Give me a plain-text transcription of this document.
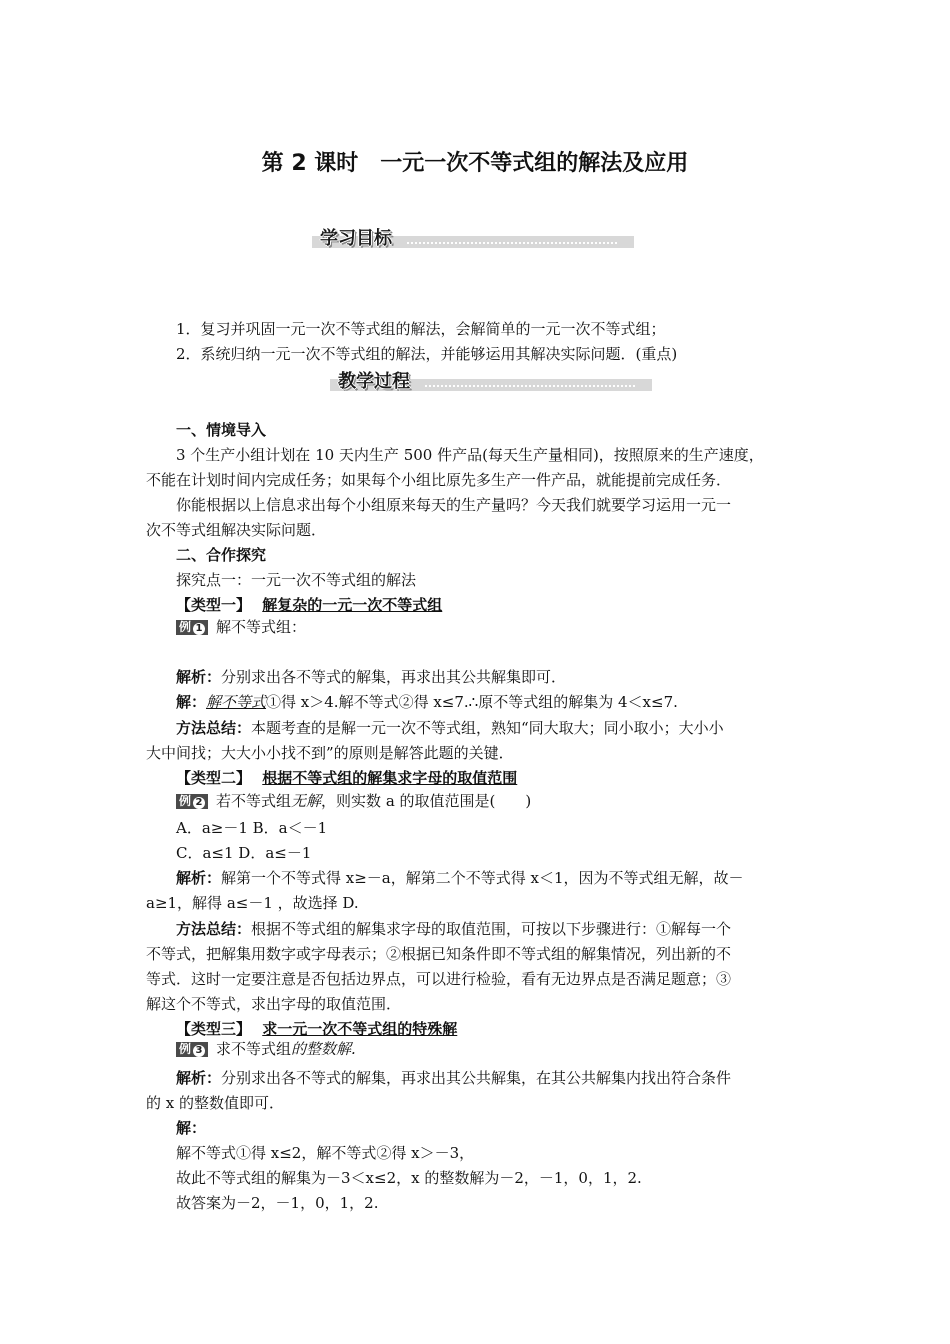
第 2 课时　一元一次不等式组的解法及应用
学习目标
1．复习并巩固一元一次不等式组的解法，会解简单的一元一次不等式组；
2．系统归纳一元一次不等式组的解法，并能够运用其解决实际问题．(重点)
教学过程
一、情境导入
3 个生产小组计划在 10 天内生产 500 件产品(每天生产量相同)，按照原来的生产速度，
不能在计划时间内完成任务；如果每个小组比原先多生产一件产品，就能提前完成任务．
你能根据以上信息求出每个小组原来每天的生产量吗？今天我们就要学习运用一元一
次不等式组解决实际问题．
二、合作探究
探究点一：一元一次不等式组的解法
【类型一】 解复杂的一元一次不等式组
例 1 解不等式组：
解析：分别求出各不等式的解集，再求出其公共解集即可．
解：解不等式①得 x＞4.解不等式②得 x≤7.∴原不等式组的解集为 4＜x≤7.
方法总结：本题考查的是解一元一次不等式组，熟知“同大取大；同小取小；大小小
大中间找；大大小小找不到”的原则是解答此题的关键．
【类型二】 根据不等式组的解集求字母的取值范围
例 2 若不等式组无解，则实数 a 的取值范围是(　　)
A．a≥－1 B．a＜－1
C．a≤1 D．a≤－1
解析：解第一个不等式得 x≥－a，解第二个不等式得 x＜1，因为不等式组无解，故－
a≥1，解得 a≤－1 ，故选择 D.
方法总结：根据不等式组的解集求字母的取值范围，可按以下步骤进行：①解每一个
不等式，把解集用数字或字母表示；②根据已知条件即不等式组的解集情况，列出新的不
等式．这时一定要注意是否包括边界点，可以进行检验，看有无边界点是否满足题意；③
解这个不等式，求出字母的取值范围．
【类型三】 求一元一次不等式组的特殊解
例 3 求不等式组的整数解.
解析：分别求出各不等式的解集，再求出其公共解集，在其公共解集内找出符合条件
的 x 的整数值即可．
解：
解不等式①得 x≤2，解不等式②得 x＞－3，
故此不等式组的解集为－3＜x≤2，x 的整数解为－2，－1，0，1，2.
故答案为－2，－1，0，1，2.
